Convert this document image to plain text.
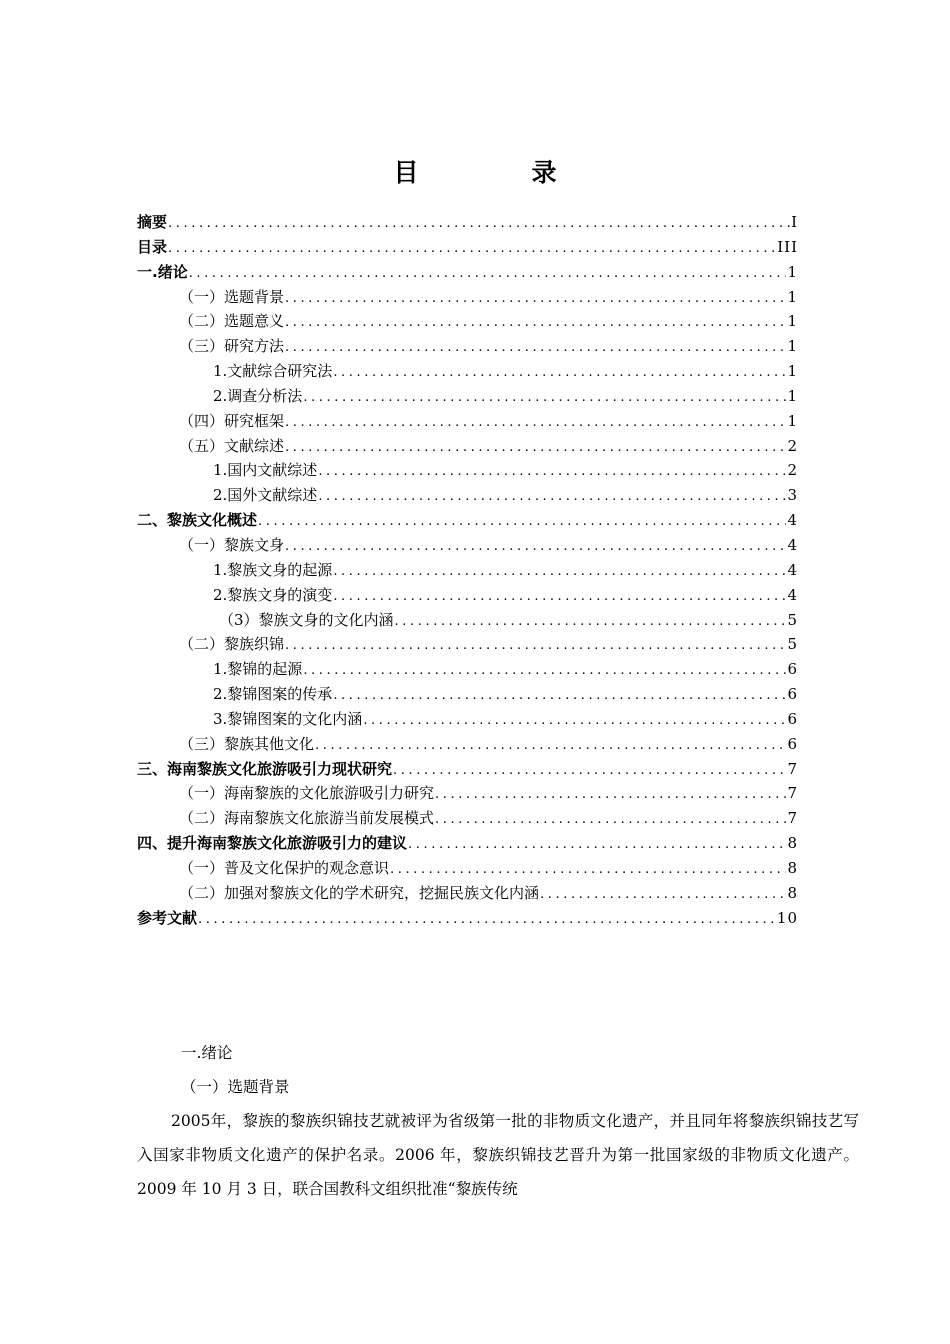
目　录
摘要 .....	I
目录 .....	III
一.绪论 .....	1
（一）选题背景 .....	1
（二）选题意义 .....	1
（三）研究方法 .....	1
1.文献综合研究法 .....	1
2.调查分析法 .....	1
（四）研究框架 .....	1
（五）文献综述 .....	2
1.国内文献综述 .....	2
2.国外文献综述 .....	3
二、黎族文化概述 .....	4
（一）黎族文身 .....	4
1.黎族文身的起源 .....	4
2.黎族文身的演变 .....	4
（3）黎族文身的文化内涵 .....	5
（二）黎族织锦 .....	5
1.黎锦的起源 .....	6
2.黎锦图案的传承 .....	6
3.黎锦图案的文化内涵 .....	6
（三）黎族其他文化 .....	6
三、海南黎族文化旅游吸引力现状研究 .....	7
（一）海南黎族的文化旅游吸引力研究 .....	7
（二）海南黎族文化旅游当前发展模式 .....	7
四、提升海南黎族文化旅游吸引力的建议 .....	8
（一）普及文化保护的观念意识 .....	8
（二）加强对黎族文化的学术研究，挖掘民族文化内涵 .....	8
参考文献 .....	10
一.绪论
（一）选题背景

2005年，黎族的黎族织锦技艺就被评为省级第一批的非物质文化遗产，并且同年将黎族织锦技艺写入国家非物质文化遗产的保护名录。2006 年，黎族织锦技艺晋升为第一批国家级的非物质文化遗产。2009 年 10 月 3 日，联合国教科文组织批准“黎族传统
